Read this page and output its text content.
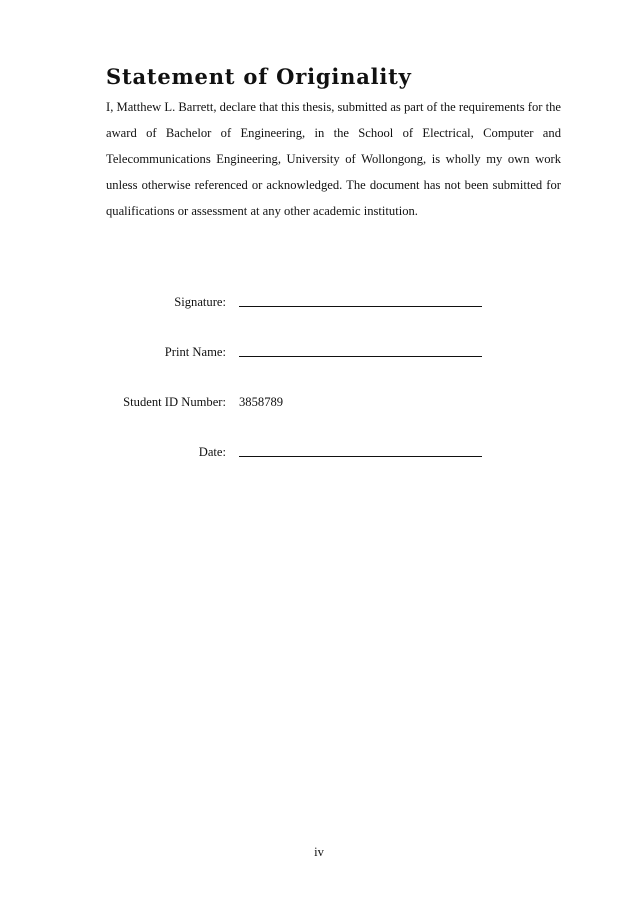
Statement of Originality

I, Matthew L. Barrett, declare that this thesis, submitted as part of the requirements for the award of Bachelor of Engineering, in the School of Electrical, Computer and Telecommunications Engineering, University of Wollongong, is wholly my own work unless otherwise referenced or acknowledged. The document has not been submitted for qualifications or assessment at any other academic institution.

Signature:
Print Name:
Student ID Number: 3858789
Date:
iv
